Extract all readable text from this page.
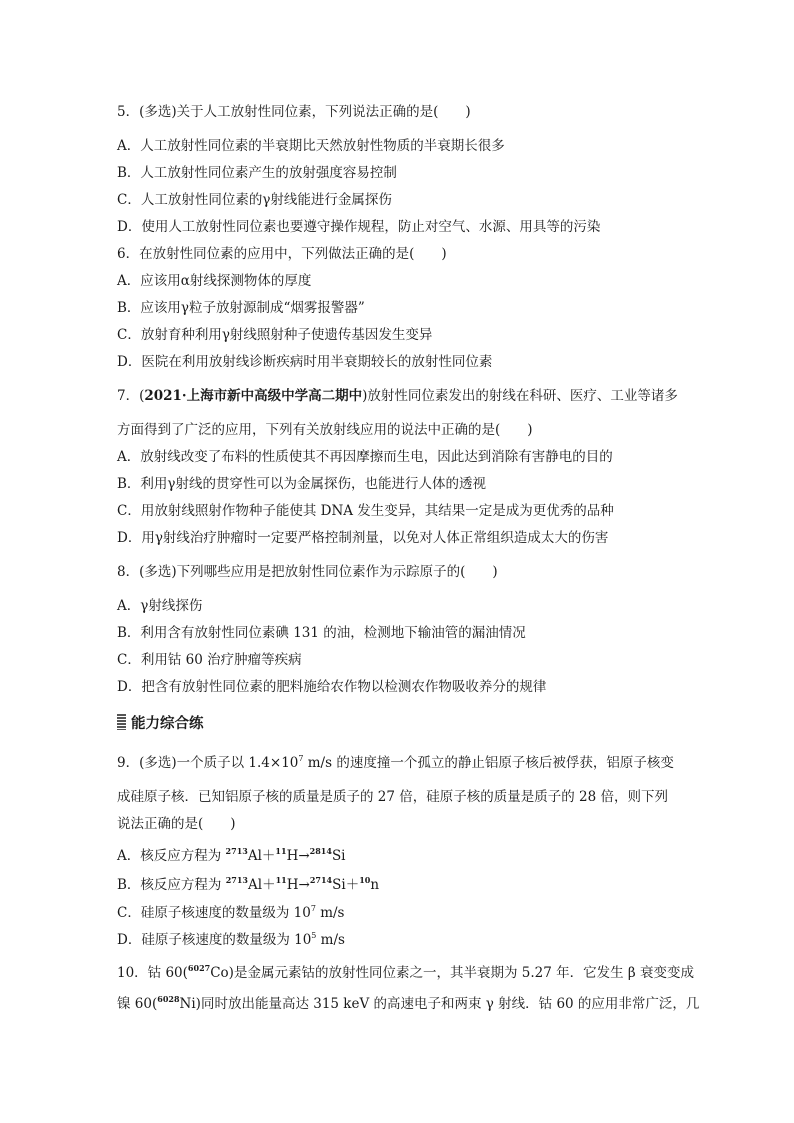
5．(多选)关于人工放射性同位素，下列说法正确的是(　　)
A．人工放射性同位素的半衰期比天然放射性物质的半衰期长很多
B．人工放射性同位素产生的放射强度容易控制
C．人工放射性同位素的γ射线能进行金属探伤
D．使用人工放射性同位素也要遵守操作规程，防止对空气、水源、用具等的污染
6．在放射性同位素的应用中，下列做法正确的是(　　)
A．应该用α射线探测物体的厚度
B．应该用γ粒子放射源制成“烟雾报警器”
C．放射育种利用γ射线照射种子使遗传基因发生变异
D．医院在利用放射线诊断疾病时用半衰期较长的放射性同位素
7．(2021·上海市新中高级中学高二期中)放射性同位素发出的射线在科研、医疗、工业等诸多
方面得到了广泛的应用，下列有关放射线应用的说法中正确的是(　　)
A．放射线改变了布料的性质使其不再因摩擦而生电，因此达到消除有害静电的目的
B．利用γ射线的贯穿性可以为金属探伤，也能进行人体的透视
C．用放射线照射作物种子能使其 DNA 发生变异，其结果一定是成为更优秀的品种
D．用γ射线治疗肿瘤时一定要严格控制剂量，以免对人体正常组织造成太大的伤害
8．(多选)下列哪些应用是把放射性同位素作为示踪原子的(　　)
A．γ射线探伤
B．利用含有放射性同位素碘 131 的油，检测地下输油管的漏油情况
C．利用钴 60 治疗肿瘤等疾病
D．把含有放射性同位素的肥料施给农作物以检测农作物吸收养分的规律
能力综合练
9．(多选)一个质子以 $1.4\times 10^7$ m/s 的速度撞一个孤立的静止铝原子核后被俘获，铝原子核变
成硅原子核．已知铝原子核的质量是质子的 27 倍，硅原子核的质量是质子的 28 倍，则下列
说法正确的是(　　)
A．核反应方程为 $^{2713}$Al＋$^{11}$H→$^{2814}$Si
B．核反应方程为 $^{2713}$Al＋$^{11}$H→$^{2714}$Si＋$^{10}$n
C．硅原子核速度的数量级为 $10^7$ m/s
D．硅原子核速度的数量级为 $10^5$ m/s
10．钴 60($^{6027}$Co)是金属元素钴的放射性同位素之一，其半衰期为 5.27 年．它发生 β 衰变变成
镍 60($^{6028}$Ni)同时放出能量高达 315 keV 的高速电子和两束 γ 射线．钴 60 的应用非常广泛，几
